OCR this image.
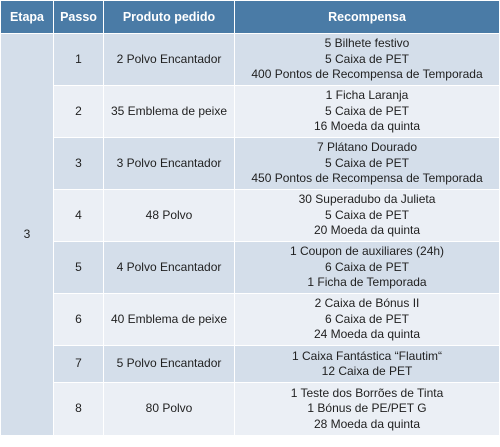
Etapa	Passo	Produto pedido	Recompensa
3	1	2 Polvo Encantador	5 Bilhete festivo
5 Caixa de PET
400 Pontos de Recompensa de Temporada

	2	35 Emblema de peixe	1 Ficha Laranja
5 Caixa de PET
16 Moeda da quinta

	3	3 Polvo Encantador	7 Plátano Dourado
5 Caixa de PET
450 Pontos de Recompensa de Temporada

	4	48 Polvo	30 Superadubo da Julieta
5 Caixa de PET
20 Moeda da quinta

	5	4 Polvo Encantador	1 Coupon de auxiliares (24h)
6 Caixa de PET
1 Ficha de Temporada

	6	40 Emblema de peixe	2 Caixa de Bónus II
6 Caixa de PET
24 Moeda da quinta

	7	5 Polvo Encantador	1 Caixa Fantástica “Flautim“
12 Caixa de PET

	8	80 Polvo	1 Teste dos Borrões de Tinta
1 Bónus de PE/PET G
28 Moeda da quinta
